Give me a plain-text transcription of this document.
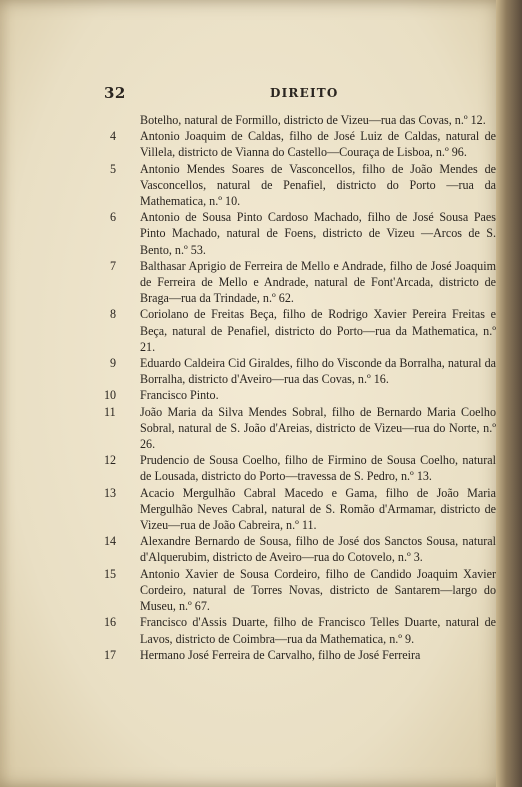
32	DIREITO
Botelho, natural de Formillo, districto de Vizeu—rua das Covas, n.º 12.
4	Antonio Joaquim de Caldas, filho de José Luiz de Caldas, natural de Villela, districto de Vianna do Castello—Couraça de Lisboa, n.º 96.
5	Antonio Mendes Soares de Vasconcellos, filho de João Mendes de Vasconcellos, natural de Penafiel, districto do Porto —rua da Mathematica, n.º 10.
6	Antonio de Sousa Pinto Cardoso Machado, filho de José Sousa Paes Pinto Machado, natural de Foens, districto de Vizeu —Arcos de S. Bento, n.º 53.
7	Balthasar Aprigio de Ferreira de Mello e Andrade, filho de José Joaquim de Ferreira de Mello e Andrade, natural de Font'Arcada, districto de Braga—rua da Trindade, n.º 62.
8	Coriolano de Freitas Beça, filho de Rodrigo Xavier Pereira Freitas e Beça, natural de Penafiel, districto do Porto—rua da Mathematica, n.º 21.
9	Eduardo Caldeira Cid Giraldes, filho do Visconde da Borralha, natural da Borralha, districto d'Aveiro—rua das Covas, n.º 16.
10	Francisco Pinto.
11	João Maria da Silva Mendes Sobral, filho de Bernardo Maria Coelho Sobral, natural de S. João d'Areias, districto de Vizeu—rua do Norte, n.º 26.
12	Prudencio de Sousa Coelho, filho de Firmino de Sousa Coelho, natural de Lousada, districto do Porto—travessa de S. Pedro, n.º 13.
13	Acacio Mergulhão Cabral Macedo e Gama, filho de João Maria Mergulhão Neves Cabral, natural de S. Romão d'Armamar, districto de Vizeu—rua de João Cabreira, n.º 11.
14	Alexandre Bernardo de Sousa, filho de José dos Sanctos Sousa, natural d'Alquerubim, districto de Aveiro—rua do Cotovelo, n.º 3.
15	Antonio Xavier de Sousa Cordeiro, filho de Candido Joaquim Xavier Cordeiro, natural de Torres Novas, districto de Santarem—largo do Museu, n.º 67.
16	Francisco d'Assis Duarte, filho de Francisco Telles Duarte, natural de Lavos, districto de Coimbra—rua da Mathematica, n.º 9.
17	Hermano José Ferreira de Carvalho, filho de José Ferreira
